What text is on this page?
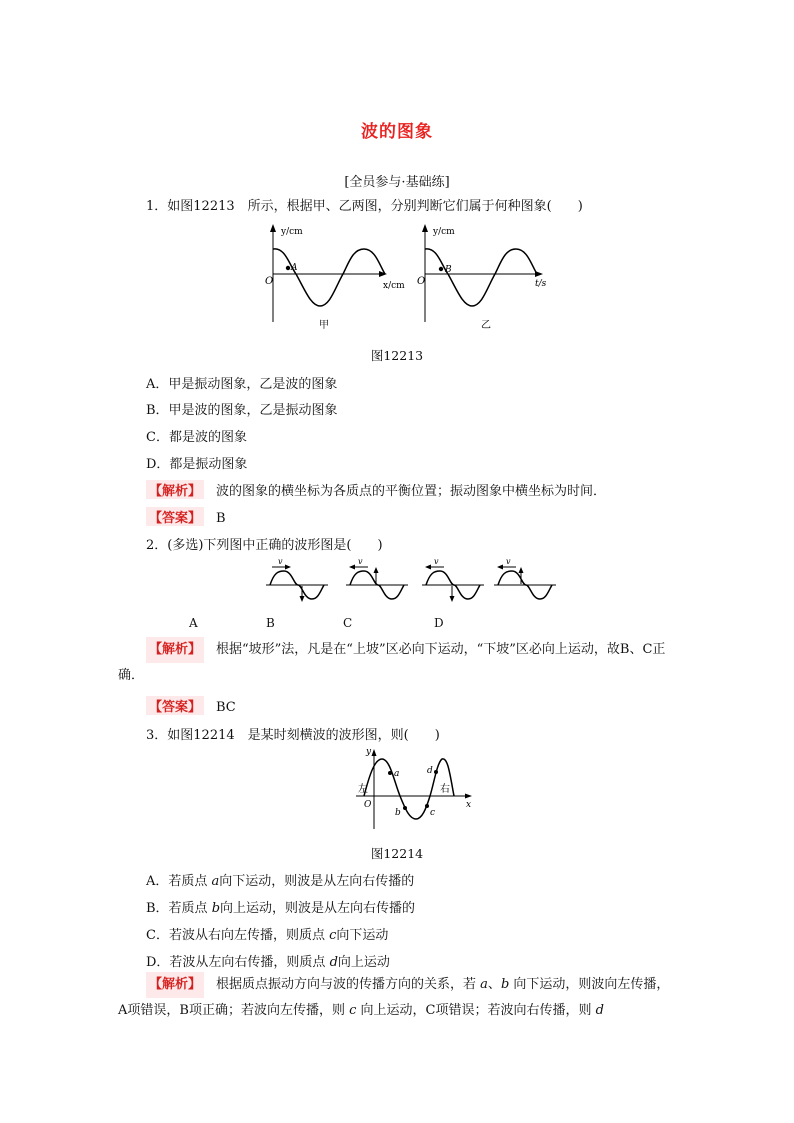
波的图象
[全员参与·基础练]
1．如图12213　所示，根据甲、乙两图，分别判断它们属于何种图象(　　)
y/cm
O
A
x/cm
甲
y/cm
O
B
t/s
乙
图12213
A．甲是振动图象，乙是波的图象
B．甲是波的图象，乙是振动图象
C．都是波的图象
D．都是振动图象
【解析】 波的图象的横坐标为各质点的平衡位置；振动图象中横坐标为时间．
【答案】 B
2．(多选)下列图中正确的波形图是(　　)
v	v	v	v
A	B	C	D
【解析】 根据“坡形”法，凡是在“上坡”区必向下运动，“下坡”区必向上运动，故B、C正确．
【答案】 BC
3．如图12214　是某时刻横波的波形图，则(　　)
y
x
O
左	右
a
b	c
d
图12214
A．若质点 a向下运动，则波是从左向右传播的
B．若质点 b向上运动，则波是从左向右传播的
C．若波从右向左传播，则质点 c向下运动
D．若波从左向右传播，则质点 d向上运动
【解析】 根据质点振动方向与波的传播方向的关系，若 a、b 向下运动，则波向左传播，A项错误，B项正确；若波向左传播，则 c 向上运动，C项错误；若波向右传播，则 d
